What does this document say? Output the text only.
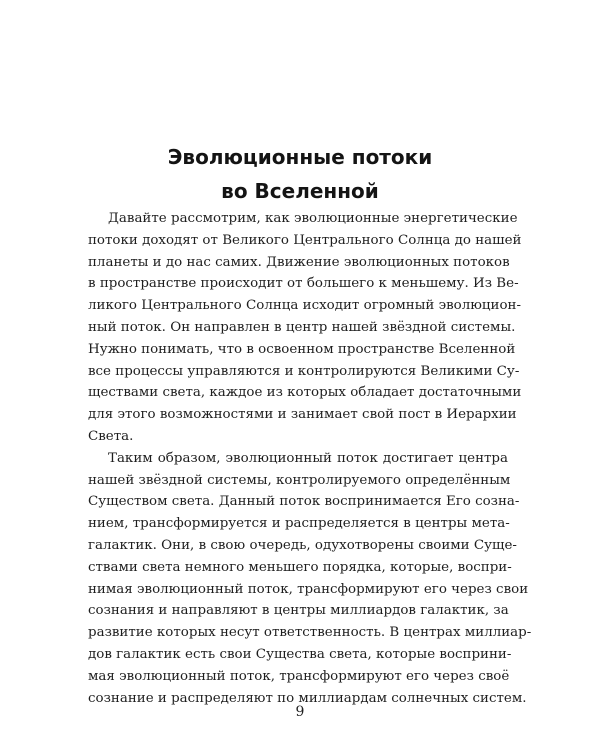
Эволюционные потоки
во Вселенной
Давайте рассмотрим, как эволюционные энергетические
потоки доходят от Великого Центрального Солнца до нашей
планеты и до нас самих. Движение эволюционных потоков
в пространстве происходит от большего к меньшему. Из Ве-
ликого Центрального Солнца исходит огромный эволюцион-
ный поток. Он направлен в центр нашей звёздной системы.
Нужно понимать, что в освоенном пространстве Вселенной
все процессы управляются и контролируются Великими Су-
ществами света, каждое из которых обладает достаточными
для этого возможностями и занимает свой пост в Иерархии
Света.
Таким образом, эволюционный поток достигает центра
нашей звёздной системы, контролируемого определённым
Существом света. Данный поток воспринимается Его созна-
нием, трансформируется и распределяется в центры мета-
галактик. Они, в свою очередь, одухотворены своими Суще-
ствами света немного меньшего порядка, которые, воспри-
нимая эволюционный поток, трансформируют его через свои
сознания и направляют в центры миллиардов галактик, за
развитие которых несут ответственность. В центрах миллиар-
дов галактик есть свои Существа света, которые восприни-
мая эволюционный поток, трансформируют его через своё
сознание и распределяют по миллиардам солнечных систем.
9
